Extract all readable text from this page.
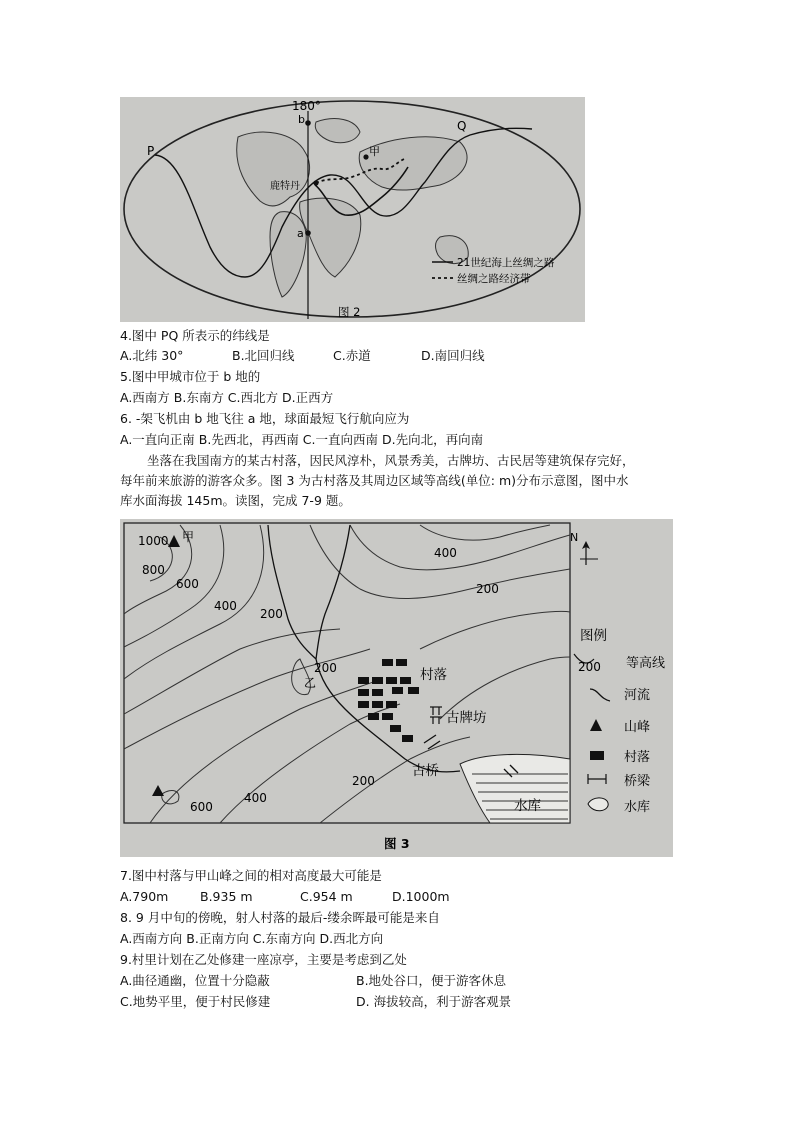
180°
P
Q
b
a
甲
鹿特丹
21世纪海上丝绸之路
丝绸之路经济带
图 2
4.图中 PQ 所表示的纬线是
A.北纬 30°	B.北回归线	C.赤道	D.南回归线
5.图中甲城市位于 b 地的
A.西南方 B.东南方 C.西北方 D.正西方
6. -架飞机由 b 地飞往 a 地，球面最短飞行航向应为
A.一直向正南 B.先西北，再西南 C.一直向西南 D.先向北，再向南
坐落在我国南方的某古村落，因民风淳朴，风景秀美，古牌坊、古民居等建筑保存完好，
每年前来旅游的游客众多。图 3 为古村落及其周边区域等高线(单位: m)分布示意图，图中水
库水面海拔 145m。读图，完成 7-9 题。
1000 甲
800
600
400
200
400
200
200
乙
200
400
600
村落
古牌坊
古桥
水库
N
图例
200 等高线
河流
山峰
村落
桥梁
水库
图 3
7.图中村落与甲山峰之间的相对高度最大可能是
A.790m	B.935 m	C.954 m	D.1000m
8. 9 月中旬的傍晚，射人村落的最后-缕余晖最可能是来自
A.西南方向 B.正南方向 C.东南方向 D.西北方向
9.村里计划在乙处修建一座凉亭，主要是考虑到乙处
A.曲径通幽，位置十分隐蔽	B.地处谷口，便于游客休息
C.地势平里，便于村民修建	D. 海拔较高，利于游客观景
